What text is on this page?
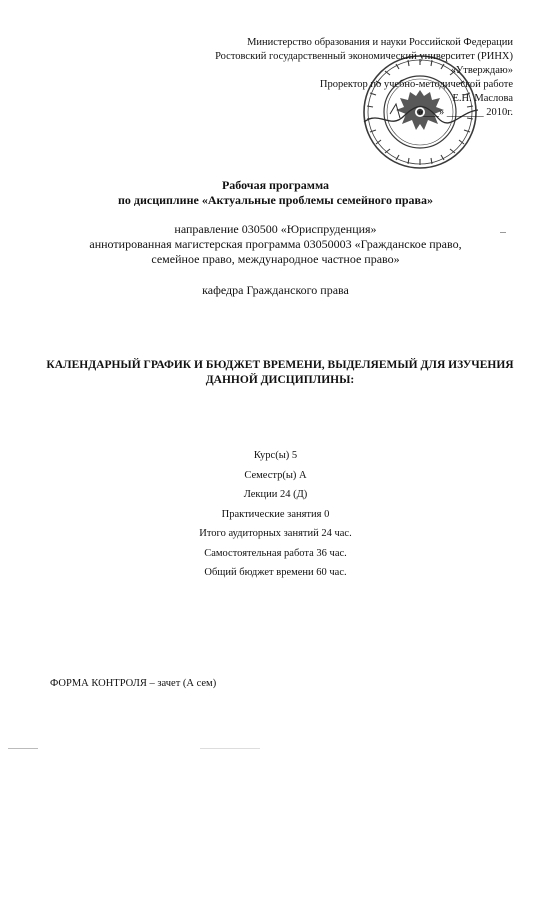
Министерство образования и науки Российской Федерации
Ростовский государственный экономический университет (РИНХ)
«Утверждаю»
Проректор по учебно-методической работе
Е.Н. Маслова
«___» _______ 2010г.
Рабочая программа
по дисциплине «Актуальные проблемы семейного права»
направление 030500 «Юриспруденция»
аннотированная магистерская программа 03050003 «Гражданское право,
семейное право, международное частное право»
кафедра Гражданского права
КАЛЕНДАРНЫЙ ГРАФИК И БЮДЖЕТ ВРЕМЕНИ, ВЫДЕЛЯЕМЫЙ ДЛЯ ИЗУЧЕНИЯ
ДАННОЙ ДИСЦИПЛИНЫ:
Курс(ы) 5
Семестр(ы) А
Лекции 24 (Д)
Практические занятия 0
Итого аудиторных занятий 24 час.
Самостоятельная работа 36 час.
Общий бюджет времени 60 час.
ФОРМА КОНТРОЛЯ – зачет (А сем)
